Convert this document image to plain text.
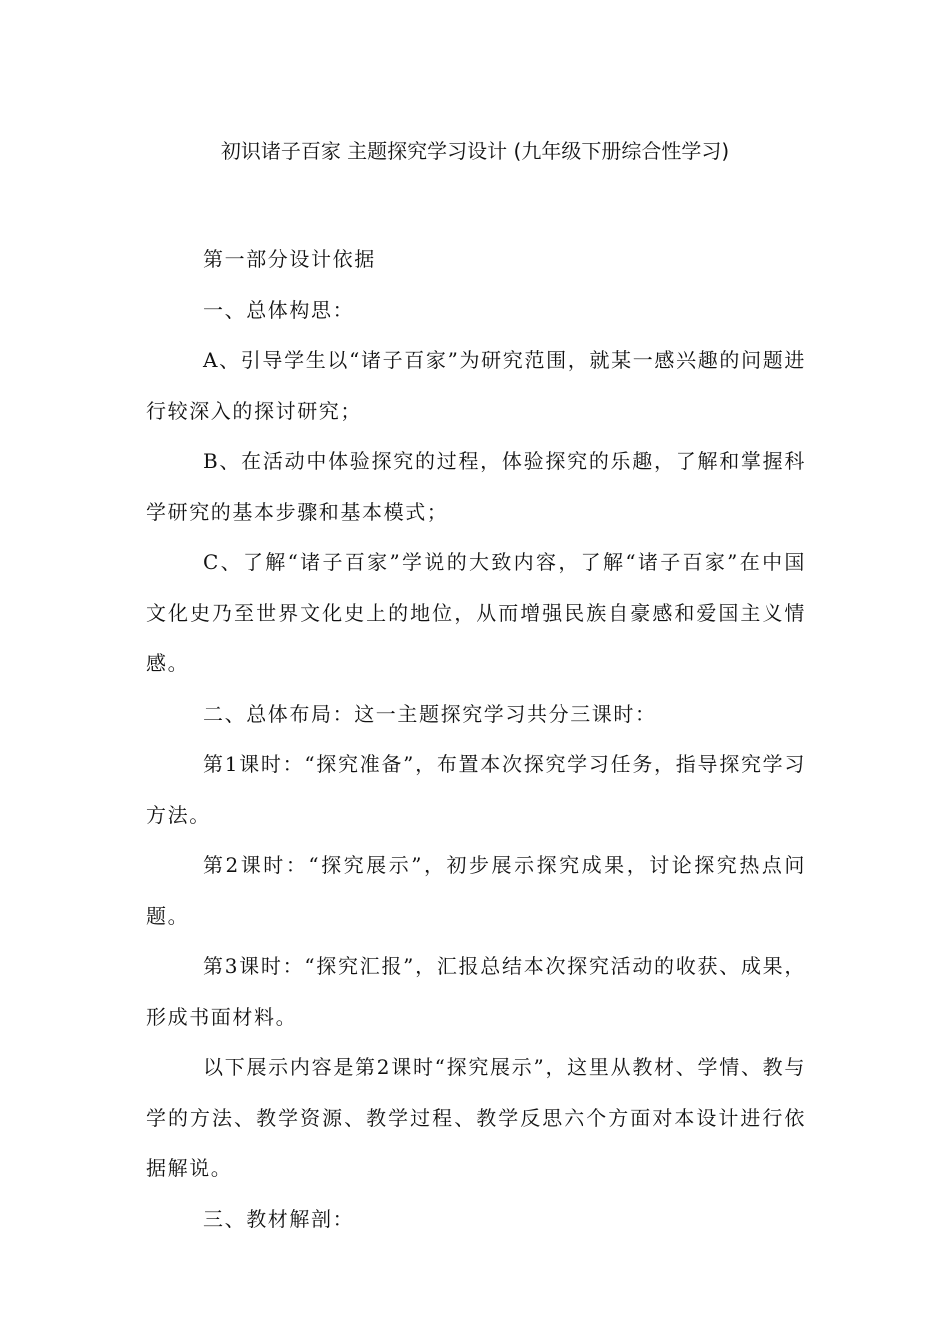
初识诸子百家 主题探究学习设计 (九年级下册综合性学习)

第一部分设计依据

一、总体构思：

A、引导学生以“诸子百家”为研究范围，就某一感兴趣的问题进行较深入的探讨研究；

B、在活动中体验探究的过程，体验探究的乐趣，了解和掌握科学研究的基本步骤和基本模式；

C、了解“诸子百家”学说的大致内容，了解“诸子百家”在中国文化史乃至世界文化史上的地位，从而增强民族自豪感和爱国主义情感。

二、总体布局：这一主题探究学习共分三课时：

第1课时：“探究准备”，布置本次探究学习任务，指导探究学习方法。

第2课时：“探究展示”，初步展示探究成果，讨论探究热点问题。

第3课时：“探究汇报”，汇报总结本次探究活动的收获、成果，形成书面材料。

以下展示内容是第2课时“探究展示”，这里从教材、学情、教与学的方法、教学资源、教学过程、教学反思六个方面对本设计进行依据解说。

三、教材解剖：
